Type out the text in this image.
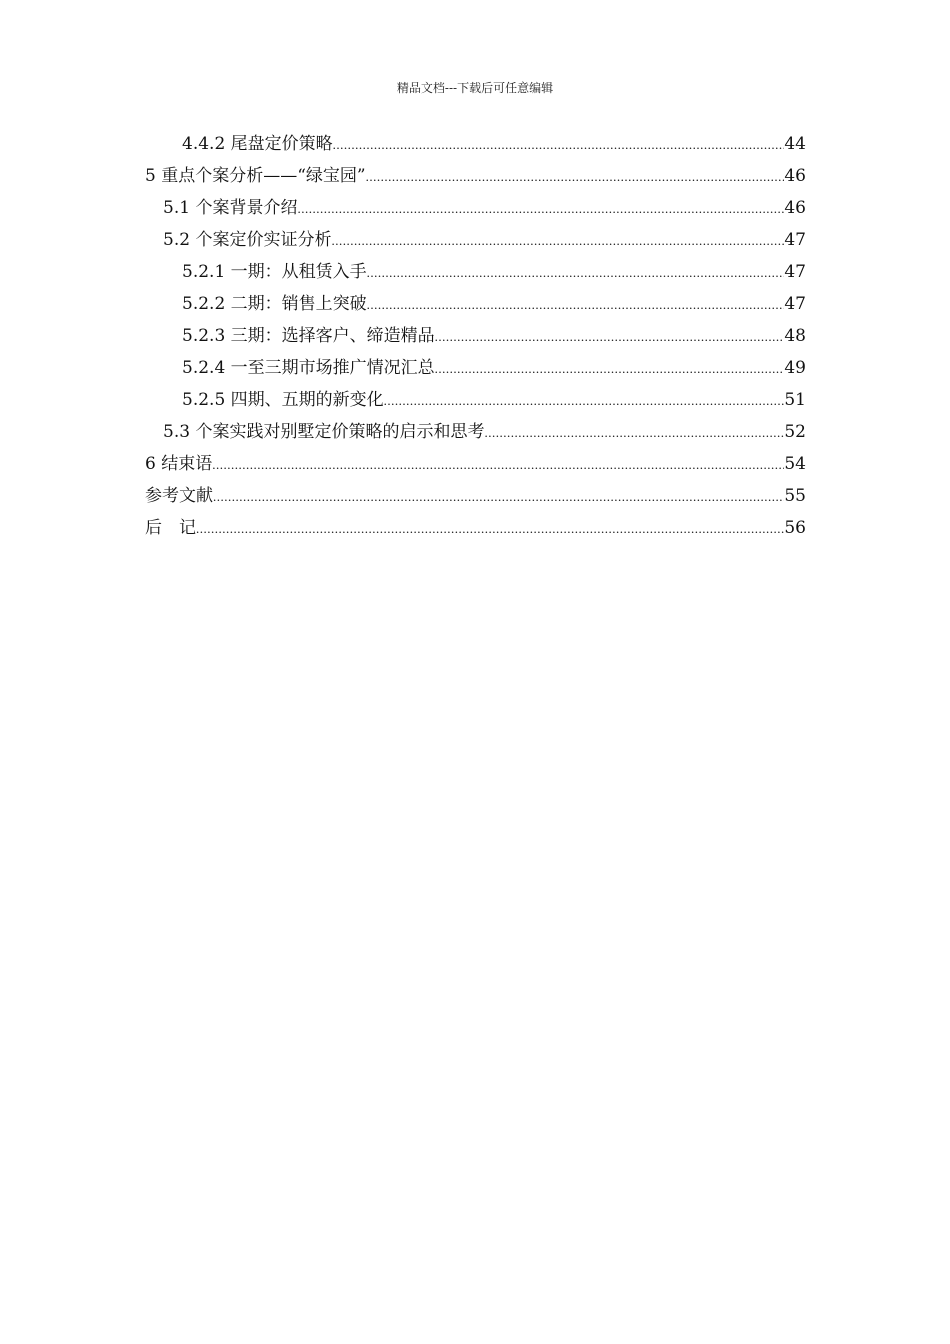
精品文档---下载后可任意编辑
4.4.2 尾盘定价策略 .....	44
5 重点个案分析——“绿宝园” .....	46
5.1 个案背景介绍 .....	46
5.2 个案定价实证分析 .....	47
5.2.1 一期：从租赁入手 .....	47
5.2.2 二期：销售上突破 .....	47
5.2.3 三期：选择客户、缔造精品 .....	48
5.2.4 一至三期市场推广情况汇总 .....	49
5.2.5 四期、五期的新变化 .....	51
5.3 个案实践对别墅定价策略的启示和思考 .....	52
6 结束语 .....	54
参考文献 .....	55
后　记 .....	56
